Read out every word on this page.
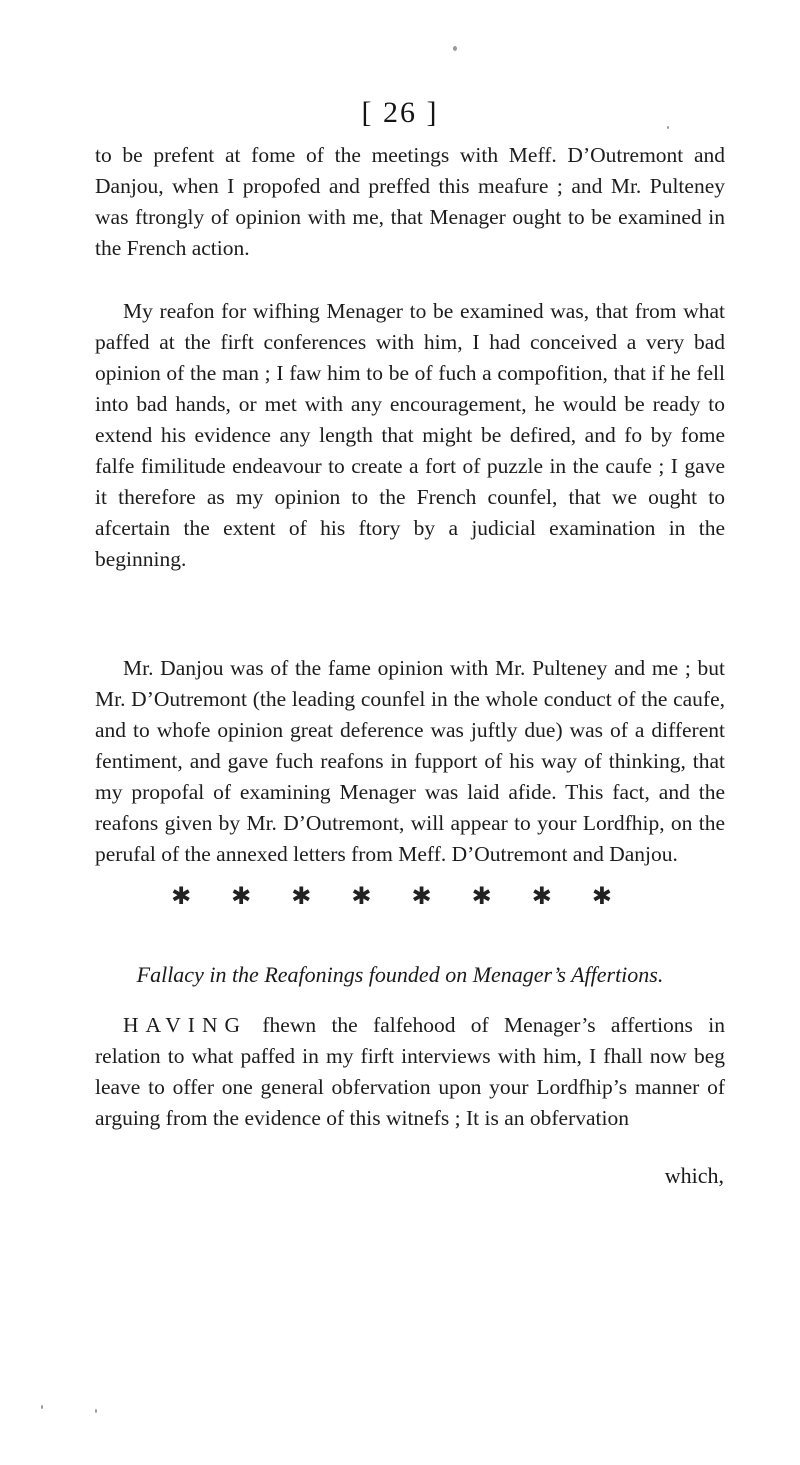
[ 26 ]

to be prefent at fome of the meetings with Meff. D’Outremont and Danjou, when I propofed and preffed this meafure ; and Mr. Pulteney was ftrongly of opinion with me, that Menager ought to be examined in the French action.

My reafon for wifhing Menager to be examined was, that from what paffed at the firft conferences with him, I had conceived a very bad opinion of the man ; I faw him to be of fuch a compofition, that if he fell into bad hands, or met with any encouragement, he would be ready to extend his evidence any length that might be defired, and fo by fome falfe fimilitude endeavour to create a fort of puzzle in the caufe ; I gave it therefore as my opinion to the French counfel, that we ought to afcertain the extent of his ftory by a judicial examination in the beginning.

Mr. Danjou was of the fame opinion with Mr. Pulteney and me ; but Mr. D’Outremont (the leading counfel in the whole conduct of the caufe, and to whofe opinion great deference was juftly due) was of a different fentiment, and gave fuch reafons in fupport of his way of thinking, that my propofal of examining Menager was laid afide. This fact, and the reafons given by Mr. D’Outremont, will appear to your Lordfhip, on the perufal of the annexed letters from Meff. D’Outremont and Danjou.

✱ ✱ ✱ ✱ ✱ ✱ ✱ ✱
Fallacy in the Reafonings founded on Menager’s Affertions.

HAVING fhewn the falfehood of Menager’s affertions in relation to what paffed in my firft interviews with him, I fhall now beg leave to offer one general obfervation upon your Lordfhip’s manner of arguing from the evidence of this witnefs ; It is an obfervation

which,
